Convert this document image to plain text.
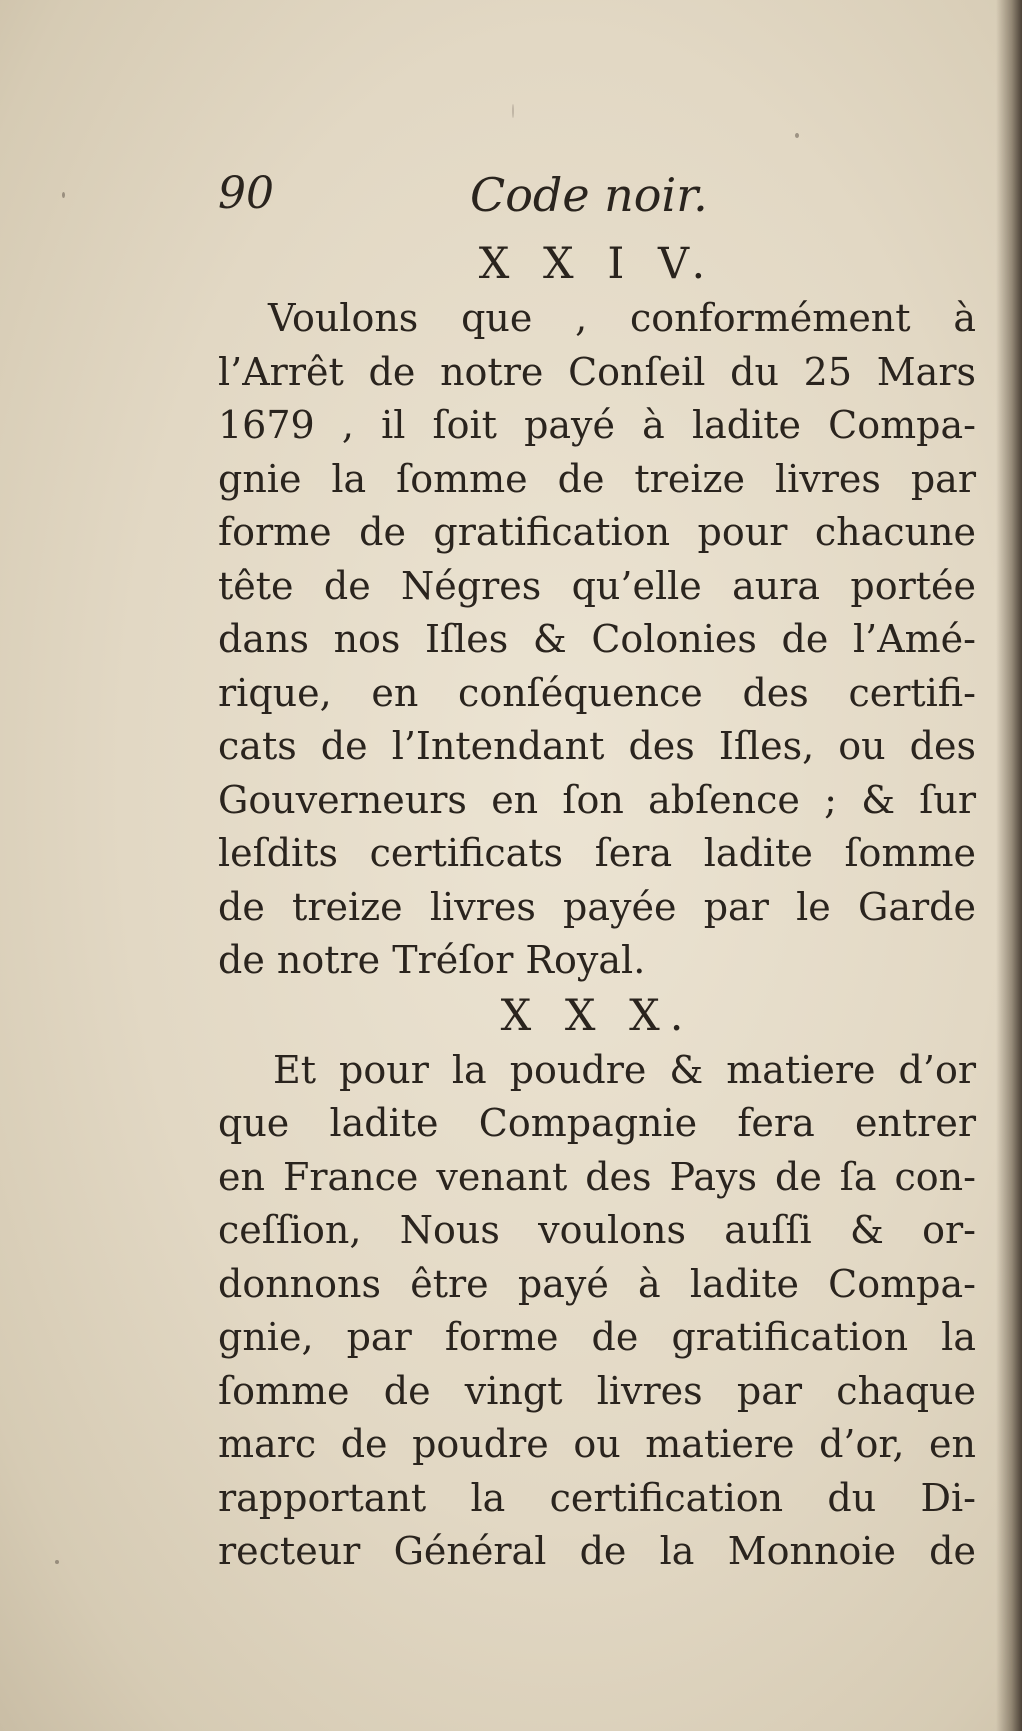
90	Code noir.
X X I V.
Voulons que , conformément à
l’Arrêt de notre Conſeil du 25 Mars
1679 , il ſoit payé à ladite Compa-
gnie la ſomme de treize livres par
forme de gratification pour chacune
tête de Négres qu’elle aura portée
dans nos Iſles & Colonies de l’Amé-
rique, en conſéquence des certifi-
cats de l’Intendant des Iſles, ou des
Gouverneurs en ſon abſence ; & ſur
leſdits certificats ſera ladite ſomme
de treize livres payée par le Garde
de notre Tréſor Royal.
X X X.
Et pour la poudre & matiere d’or
que ladite Compagnie fera entrer
en France venant des Pays de ſa con-
ceſſion, Nous voulons auſſi & or-
donnons être payé à ladite Compa-
gnie, par forme de gratification la
ſomme de vingt livres par chaque
marc de poudre ou matiere d’or, en
rapportant la certification du Di-
recteur Général de la Monnoie de
